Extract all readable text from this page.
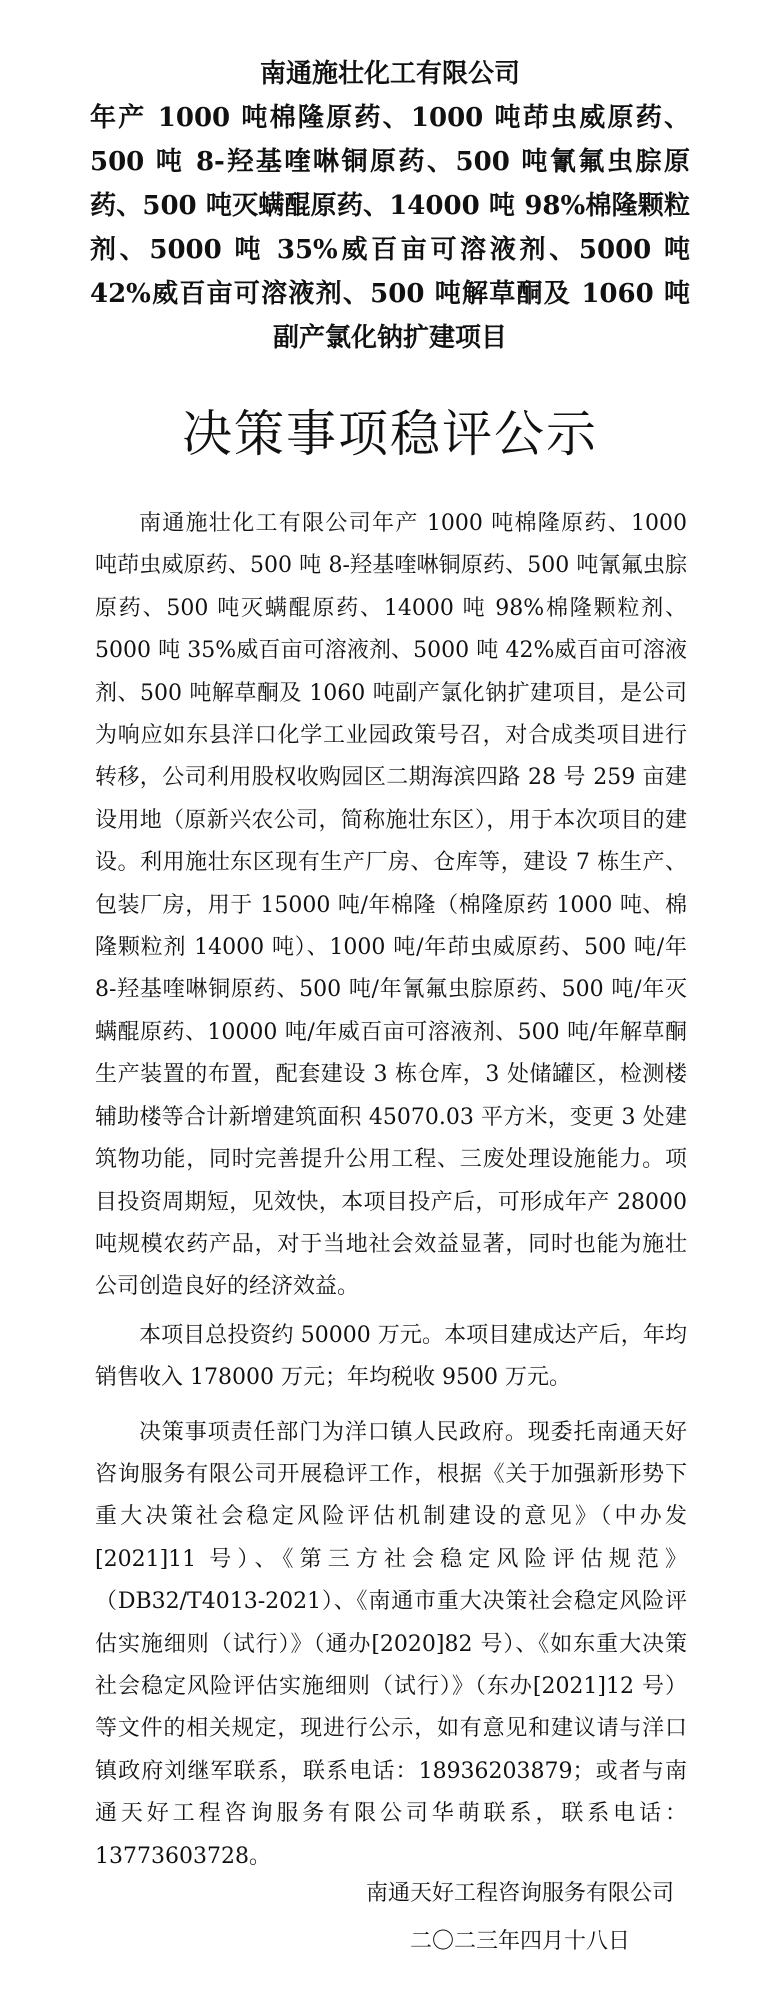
南通施壮化工有限公司
年产 1000 吨棉隆原药、1000 吨茚虫威原药、500 吨 8-羟基喹啉铜原药、500 吨氰氟虫腙原药、500 吨灭螨醌原药、14000 吨 98%棉隆颗粒剂、5000 吨 35%威百亩可溶液剂、5000 吨 42%威百亩可溶液剂、500 吨解草酮及 1060 吨副产氯化钠扩建项目
决策事项稳评公示

南通施壮化工有限公司年产 1000 吨棉隆原药、1000 吨茚虫威原药、500 吨 8-羟基喹啉铜原药、500 吨氰氟虫腙原药、500 吨灭螨醌原药、14000 吨 98%棉隆颗粒剂、5000 吨 35%威百亩可溶液剂、5000 吨 42%威百亩可溶液剂、500 吨解草酮及 1060 吨副产氯化钠扩建项目，是公司为响应如东县洋口化学工业园政策号召，对合成类项目进行转移，公司利用股权收购园区二期海滨四路 28 号 259 亩建设用地（原新兴农公司，简称施壮东区），用于本次项目的建设。利用施壮东区现有生产厂房、仓库等，建设 7 栋生产、包装厂房，用于 15000 吨/年棉隆（棉隆原药 1000 吨、棉隆颗粒剂 14000 吨）、1000 吨/年茚虫威原药、500 吨/年 8-羟基喹啉铜原药、500 吨/年氰氟虫腙原药、500 吨/年灭螨醌原药、10000 吨/年威百亩可溶液剂、500 吨/年解草酮生产装置的布置，配套建设 3 栋仓库，3 处储罐区，检测楼辅助楼等合计新增建筑面积 45070.03 平方米，变更 3 处建筑物功能，同时完善提升公用工程、三废处理设施能力。项目投资周期短，见效快，本项目投产后，可形成年产 28000 吨规模农药产品，对于当地社会效益显著，同时也能为施壮公司创造良好的经济效益。

本项目总投资约 50000 万元。本项目建成达产后，年均销售收入 178000 万元；年均税收 9500 万元。

决策事项责任部门为洋口镇人民政府。现委托南通天好咨询服务有限公司开展稳评工作，根据《关于加强新形势下重大决策社会稳定风险评估机制建设的意见》（中办发[2021]11 号）、《第三方社会稳定风险评估规范》（DB32/T4013-2021）、《南通市重大决策社会稳定风险评估实施细则（试行）》（通办[2020]82 号）、《如东重大决策社会稳定风险评估实施细则（试行）》（东办[2021]12 号）等文件的相关规定，现进行公示，如有意见和建议请与洋口镇政府刘继军联系，联系电话：18936203879；或者与南通天好工程咨询服务有限公司华萌联系，联系电话：13773603728。

南通天好工程咨询服务有限公司
二〇二三年四月十八日
